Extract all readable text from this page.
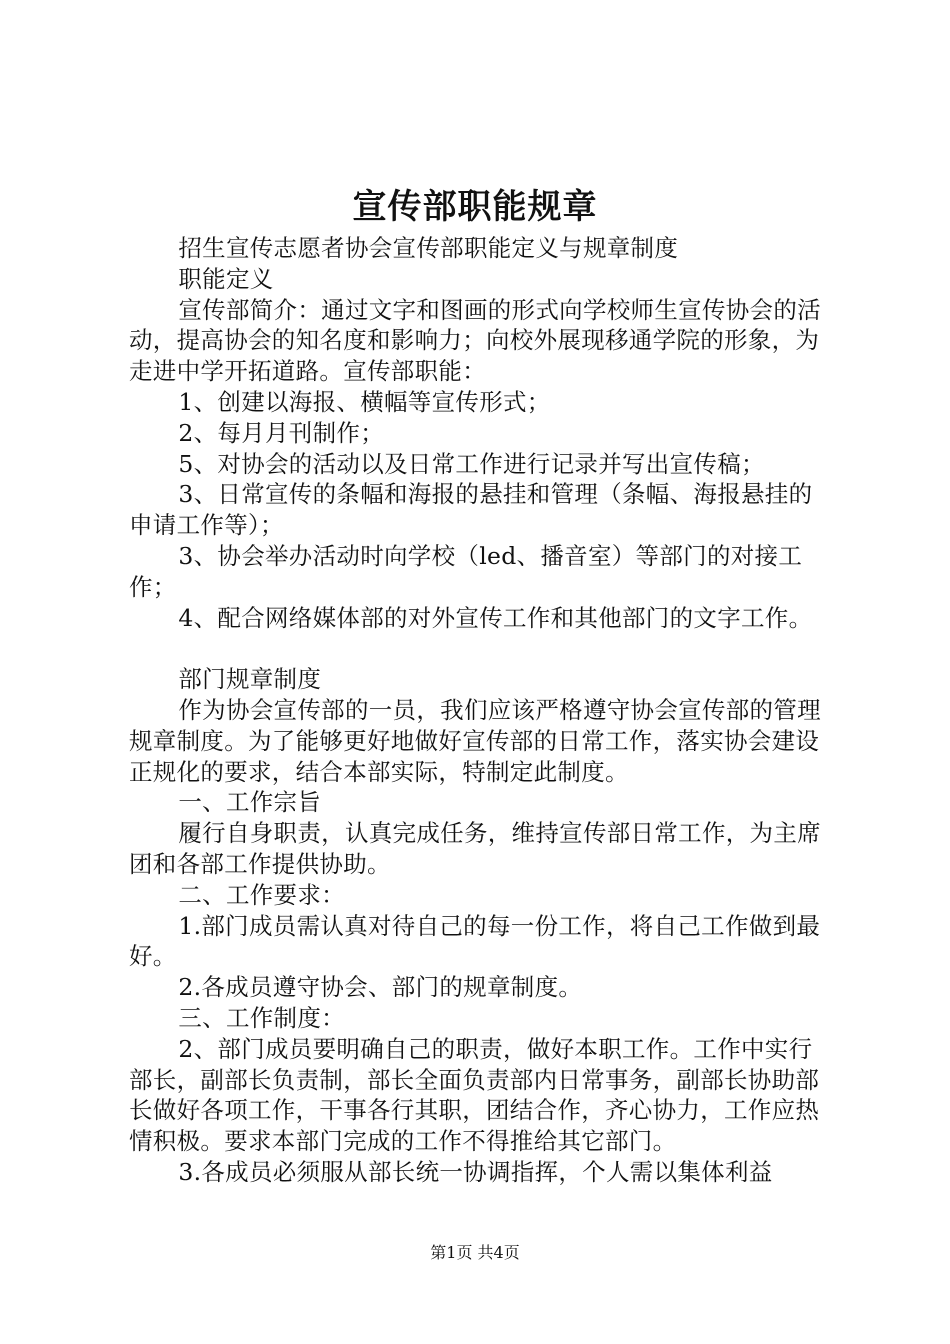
宣传部职能规章

招生宣传志愿者协会宣传部职能定义与规章制度

职能定义

宣传部简介：通过文字和图画的形式向学校师生宣传协会的活动，提高协会的知名度和影响力；向校外展现移通学院的形象，为走进中学开拓道路。宣传部职能：

1、创建以海报、横幅等宣传形式；

2、每月月刊制作；

5、对协会的活动以及日常工作进行记录并写出宣传稿；

3、日常宣传的条幅和海报的悬挂和管理（条幅、海报悬挂的申请工作等）；

3、协会举办活动时向学校（led、播音室）等部门的对接工作；

4、配合网络媒体部的对外宣传工作和其他部门的文字工作。

部门规章制度

作为协会宣传部的一员，我们应该严格遵守协会宣传部的管理规章制度。为了能够更好地做好宣传部的日常工作，落实协会建设正规化的要求，结合本部实际，特制定此制度。

一、工作宗旨

履行自身职责，认真完成任务，维持宣传部日常工作，为主席团和各部工作提供协助。

二、工作要求：

1.部门成员需认真对待自己的每一份工作，将自己工作做到最好。

2.各成员遵守协会、部门的规章制度。

三、工作制度：

2、部门成员要明确自己的职责，做好本职工作。工作中实行部长，副部长负责制，部长全面负责部内日常事务，副部长协助部长做好各项工作，干事各行其职，团结合作，齐心协力，工作应热情积极。要求本部门完成的工作不得推给其它部门。

3.各成员必须服从部长统一协调指挥，个人需以集体利益

第1页 共4页
